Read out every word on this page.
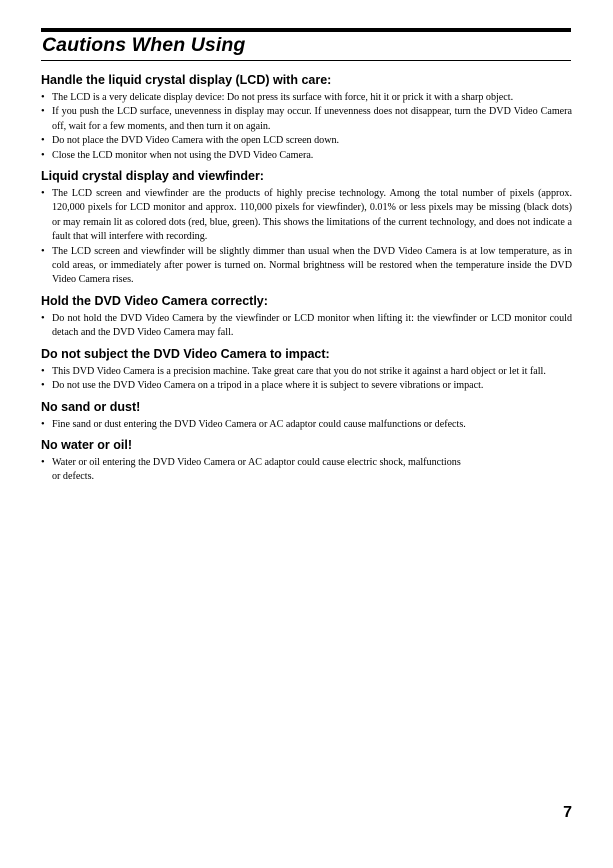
Cautions When Using
Handle the liquid crystal display (LCD) with care:
• The LCD is a very delicate display device: Do not press its surface with force, hit it or prick it with a sharp object.
• If you push the LCD surface, unevenness in display may occur. If unevenness does not disappear, turn the DVD Video Camera off, wait for a few moments, and then turn it on again.
• Do not place the DVD Video Camera with the open LCD screen down.
• Close the LCD monitor when not using the DVD Video Camera.
Liquid crystal display and viewfinder:
• The LCD screen and viewfinder are the products of highly precise technology. Among the total number of pixels (approx. 120,000 pixels for LCD monitor and approx. 110,000 pixels for viewfinder), 0.01% or less pixels may be missing (black dots) or may remain lit as colored dots (red, blue, green). This shows the limitations of the current technology, and does not indicate a fault that will interfere with recording.
• The LCD screen and viewfinder will be slightly dimmer than usual when the DVD Video Camera is at low temperature, as in cold areas, or immediately after power is turned on. Normal brightness will be restored when the temperature inside the DVD Video Camera rises.
Hold the DVD Video Camera correctly:
• Do not hold the DVD Video Camera by the viewfinder or LCD monitor when lifting it: the viewfinder or LCD monitor could detach and the DVD Video Camera may fall.
Do not subject the DVD Video Camera to impact:
• This DVD Video Camera is a precision machine. Take great care that you do not strike it against a hard object or let it fall.
• Do not use the DVD Video Camera on a tripod in a place where it is subject to severe vibrations or impact.
No sand or dust!
• Fine sand or dust entering the DVD Video Camera or AC adaptor could cause malfunctions or defects.
No water or oil!
• Water or oil entering the DVD Video Camera or AC adaptor could cause electric shock, malfunctions or defects.
7
